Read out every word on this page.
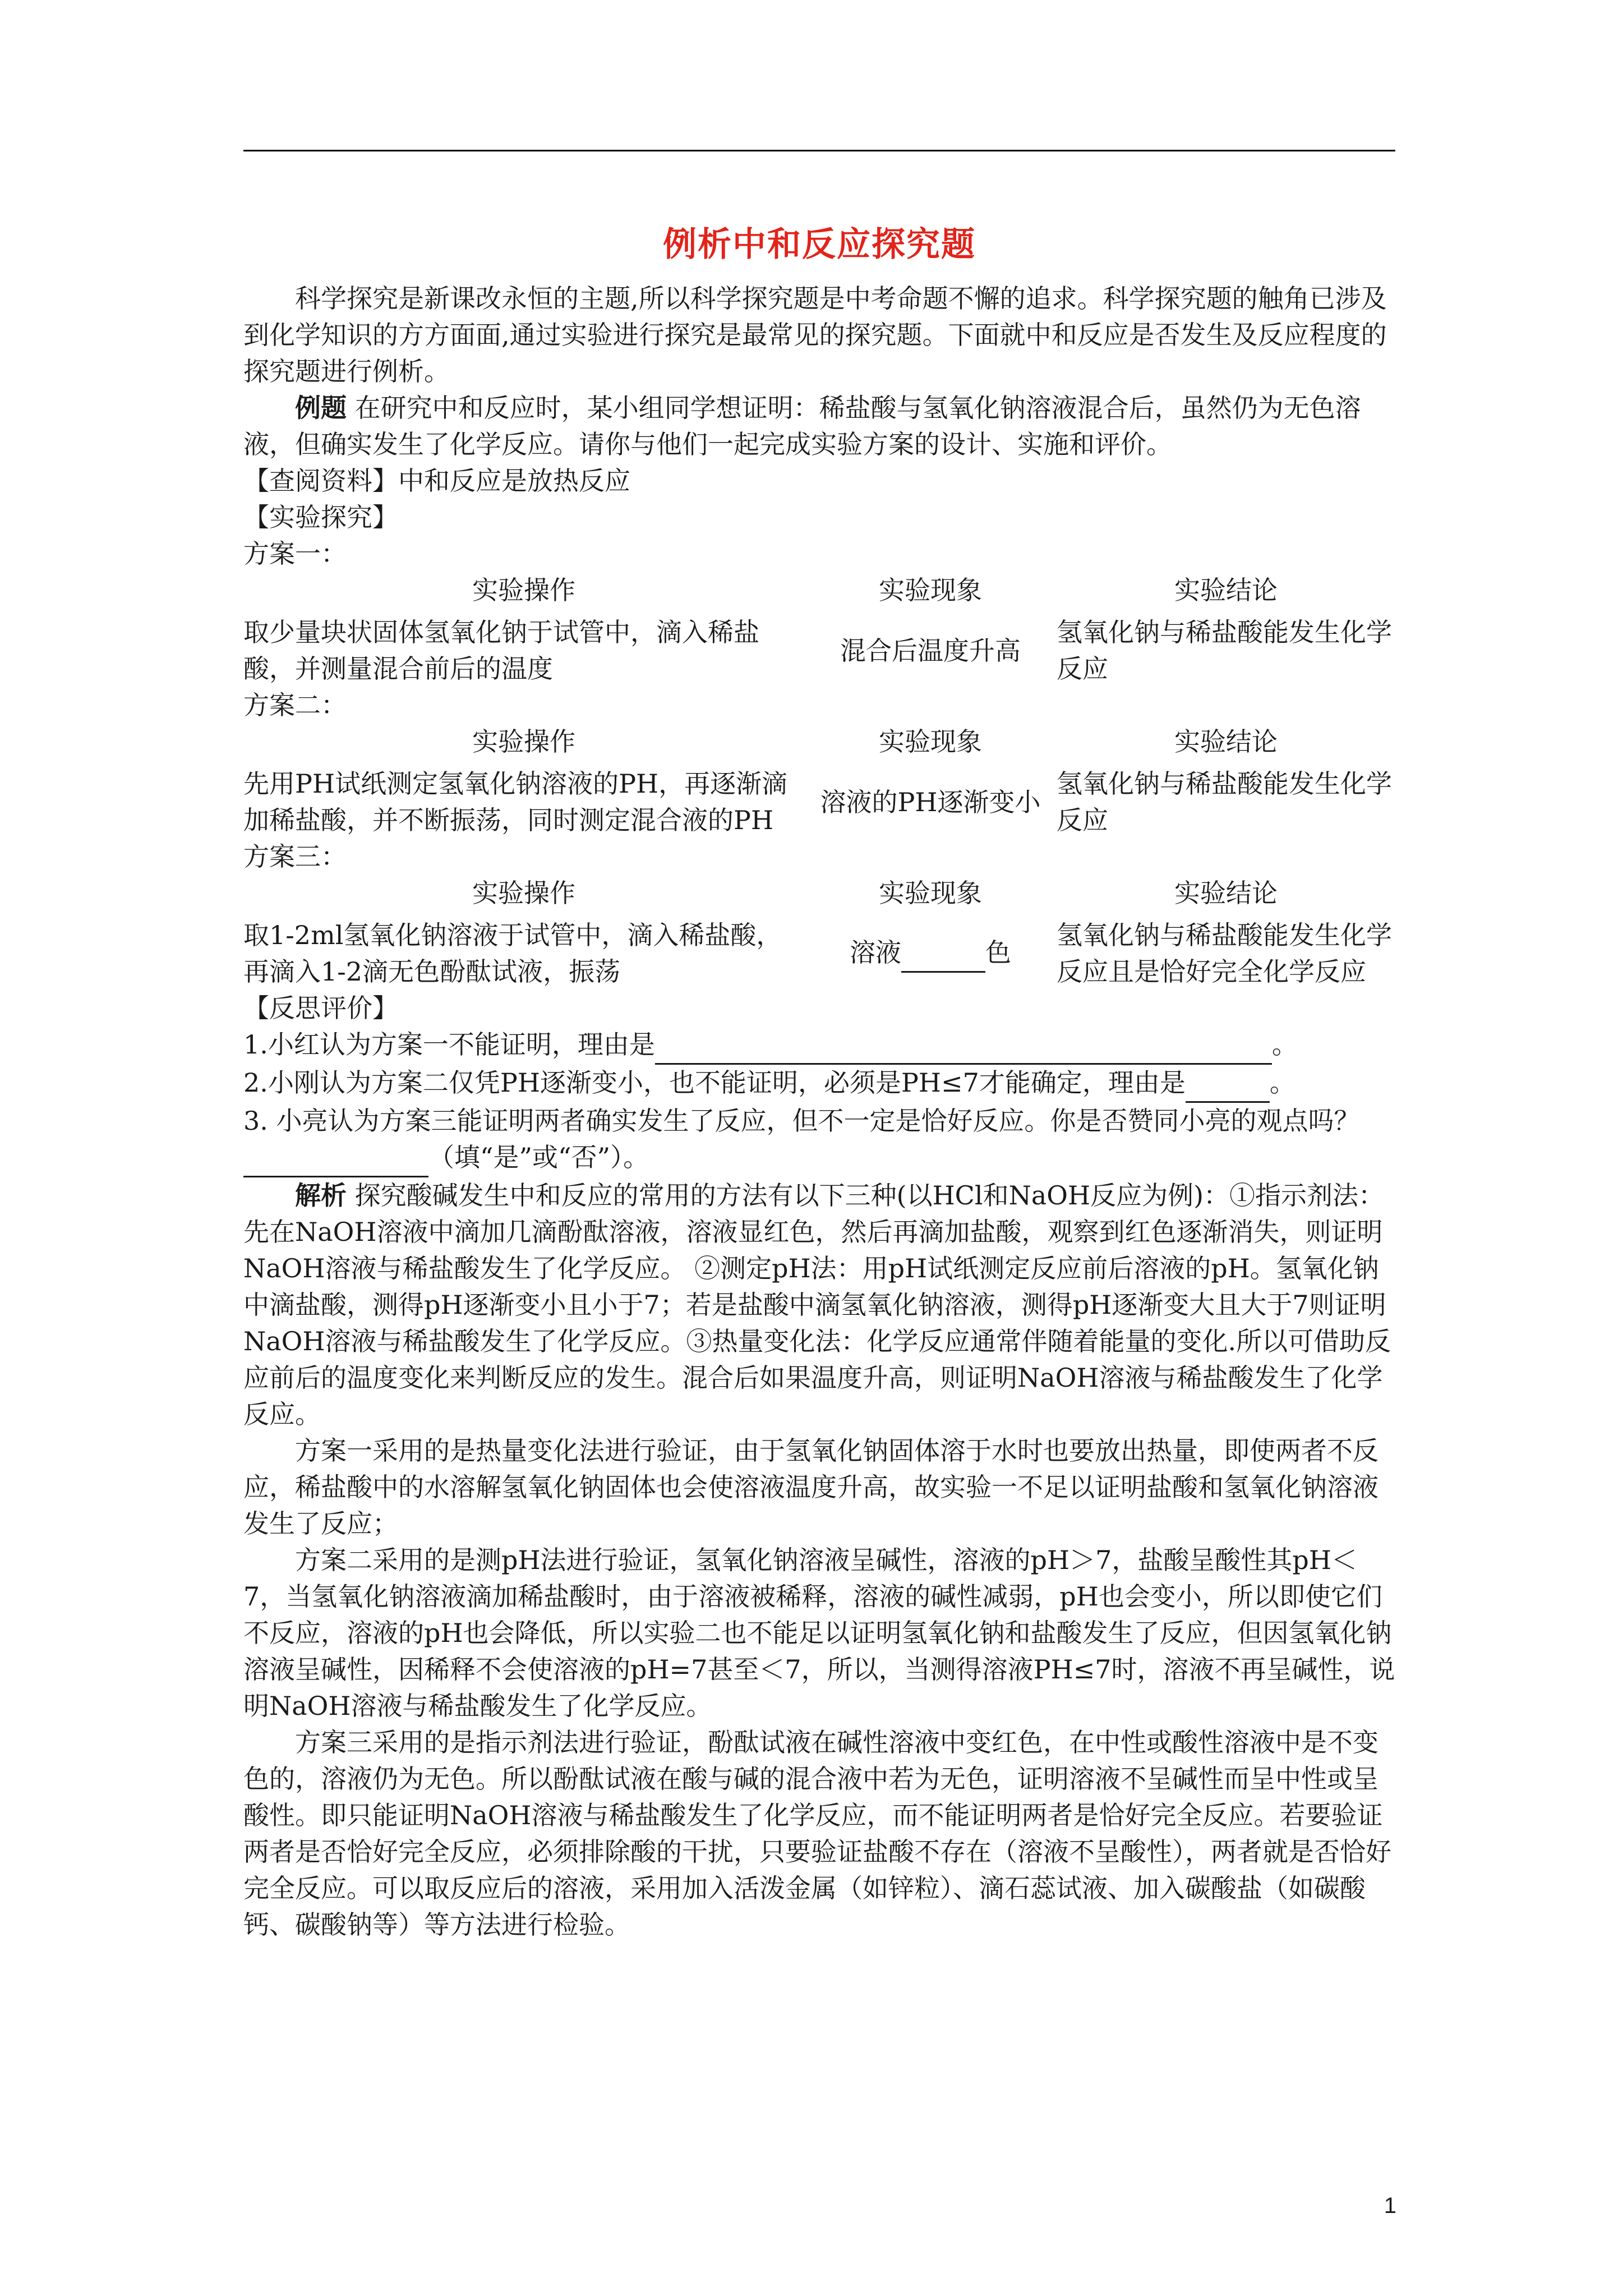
例析中和反应探究题

科学探究是新课改永恒的主题,所以科学探究题是中考命题不懈的追求。科学探究题的触角已涉及到化学知识的方方面面,通过实验进行探究是最常见的探究题。下面就中和反应是否发生及反应程度的探究题进行例析。

例题 在研究中和反应时，某小组同学想证明：稀盐酸与氢氧化钠溶液混合后，虽然仍为无色溶液，但确实发生了化学反应。请你与他们一起完成实验方案的设计、实施和评价。

【查阅资料】中和反应是放热反应

【实验探究】

方案一：

实验操作	实验现象	实验结论
取少量块状固体氢氧化钠于试管中，滴入稀盐酸，并测量混合前后的温度	混合后温度升高	氢氧化钠与稀盐酸能发生化学反应

方案二：

实验操作	实验现象	实验结论
先用PH试纸测定氢氧化钠溶液的PH，再逐渐滴加稀盐酸，并不断振荡，同时测定混合液的PH	溶液的PH逐渐变小	氢氧化钠与稀盐酸能发生化学反应

方案三：

实验操作	实验现象	实验结论
取1-2ml氢氧化钠溶液于试管中，滴入稀盐酸，再滴入1-2滴无色酚酞试液，振荡	溶液 色	氢氧化钠与稀盐酸能发生化学反应且是恰好完全化学反应

【反思评价】

1.小红认为方案一不能证明，理由是	。

2.小刚认为方案二仅凭PH逐渐变小，也不能证明，必须是PH≤7才能确定，理由是	。

3. 小亮认为方案三能证明两者确实发生了反应，但不一定是恰好反应。你是否赞同小亮的观点吗？ （填“是”或“否”）。

解析 探究酸碱发生中和反应的常用的方法有以下三种(以HCl和NaOH反应为例)：①指示剂法：先在NaOH溶液中滴加几滴酚酞溶液，溶液显红色，然后再滴加盐酸，观察到红色逐渐消失，则证明NaOH溶液与稀盐酸发生了化学反应。 ②测定pH法：用pH试纸测定反应前后溶液的pH。氢氧化钠中滴盐酸，测得pH逐渐变小且小于7；若是盐酸中滴氢氧化钠溶液，测得pH逐渐变大且大于7则证明NaOH溶液与稀盐酸发生了化学反应。③热量变化法：化学反应通常伴随着能量的变化.所以可借助反应前后的温度变化来判断反应的发生。混合后如果温度升高，则证明NaOH溶液与稀盐酸发生了化学反应。

方案一采用的是热量变化法进行验证，由于氢氧化钠固体溶于水时也要放出热量，即使两者不反应，稀盐酸中的水溶解氢氧化钠固体也会使溶液温度升高，故实验一不足以证明盐酸和氢氧化钠溶液发生了反应；

方案二采用的是测pH法进行验证，氢氧化钠溶液呈碱性，溶液的pH＞7，盐酸呈酸性其pH＜7，当氢氧化钠溶液滴加稀盐酸时，由于溶液被稀释，溶液的碱性减弱，pH也会变小，所以即使它们不反应，溶液的pH也会降低，所以实验二也不能足以证明氢氧化钠和盐酸发生了反应，但因氢氧化钠溶液呈碱性，因稀释不会使溶液的pH=7甚至＜7，所以，当测得溶液PH≤7时，溶液不再呈碱性，说明NaOH溶液与稀盐酸发生了化学反应。

方案三采用的是指示剂法进行验证，酚酞试液在碱性溶液中变红色，在中性或酸性溶液中是不变色的，溶液仍为无色。所以酚酞试液在酸与碱的混合液中若为无色，证明溶液不呈碱性而呈中性或呈酸性。即只能证明NaOH溶液与稀盐酸发生了化学反应，而不能证明两者是恰好完全反应。若要验证两者是否恰好完全反应，必须排除酸的干扰，只要验证盐酸不存在（溶液不呈酸性），两者就是否恰好完全反应。可以取反应后的溶液，采用加入活泼金属（如锌粒）、滴石蕊试液、加入碳酸盐（如碳酸钙、碳酸钠等）等方法进行检验。

1
